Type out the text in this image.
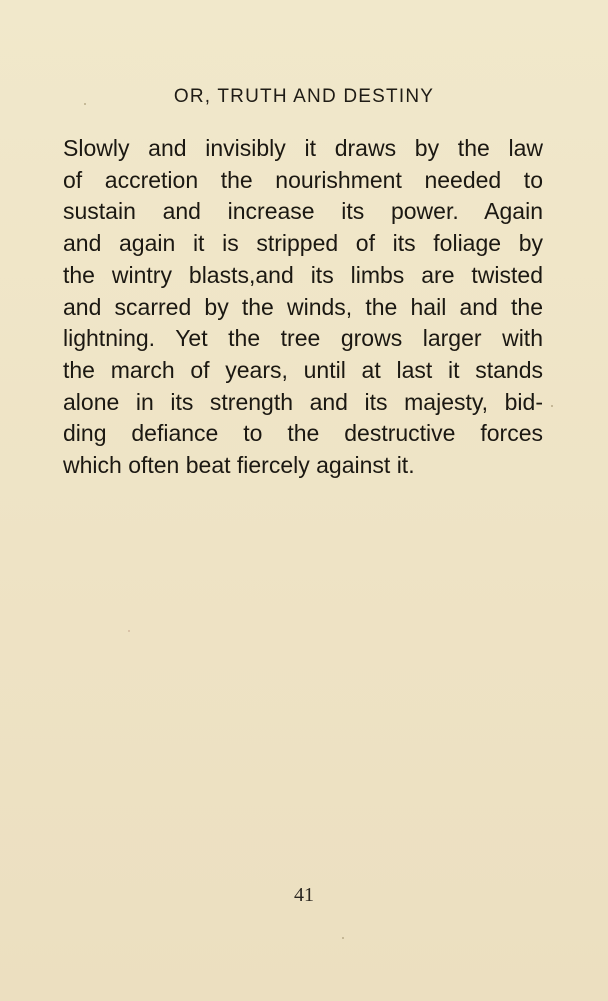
OR, TRUTH AND DESTINY
Slowly and invisibly it draws by the law
of accretion the nourishment needed to
sustain and increase its power. Again
and again it is stripped of its foliage by
the wintry blasts,and its limbs are twisted
and scarred by the winds, the hail and the
lightning. Yet the tree grows larger with
the march of years, until at last it stands
alone in its strength and its majesty, bid-
ding defiance to the destructive forces
which often beat fiercely against it.
41
